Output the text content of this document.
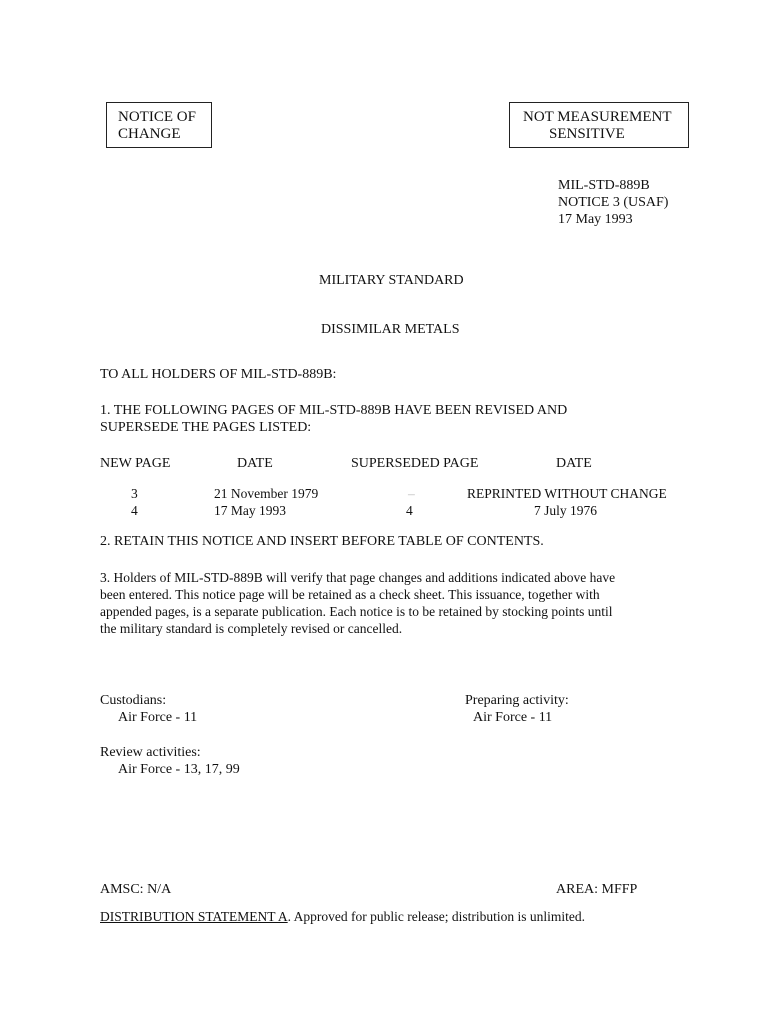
NOTICE OF
CHANGE
NOT MEASUREMENT
SENSITIVE
MIL-STD-889B
NOTICE 3 (USAF)
17 May 1993
MILITARY STANDARD
DISSIMILAR METALS
TO ALL HOLDERS OF MIL-STD-889B:
1. THE FOLLOWING PAGES OF MIL-STD-889B HAVE BEEN REVISED AND
SUPERSEDE THE PAGES LISTED:
NEW PAGE	DATE	SUPERSEDED PAGE	DATE
3	21 November 1979	–	REPRINTED WITHOUT CHANGE
4	17 May 1993	4	7 July 1976
2. RETAIN THIS NOTICE AND INSERT BEFORE TABLE OF CONTENTS.
3. Holders of MIL-STD-889B will verify that page changes and additions indicated above have
been entered. This notice page will be retained as a check sheet. This issuance, together with
appended pages, is a separate publication. Each notice is to be retained by stocking points until
the military standard is completely revised or cancelled.
Custodians:
Air Force - 11
Preparing activity:
Air Force - 11
Review activities:
Air Force - 13, 17, 99
AMSC: N/A	AREA: MFFP
DISTRIBUTION STATEMENT A. Approved for public release; distribution is unlimited.
